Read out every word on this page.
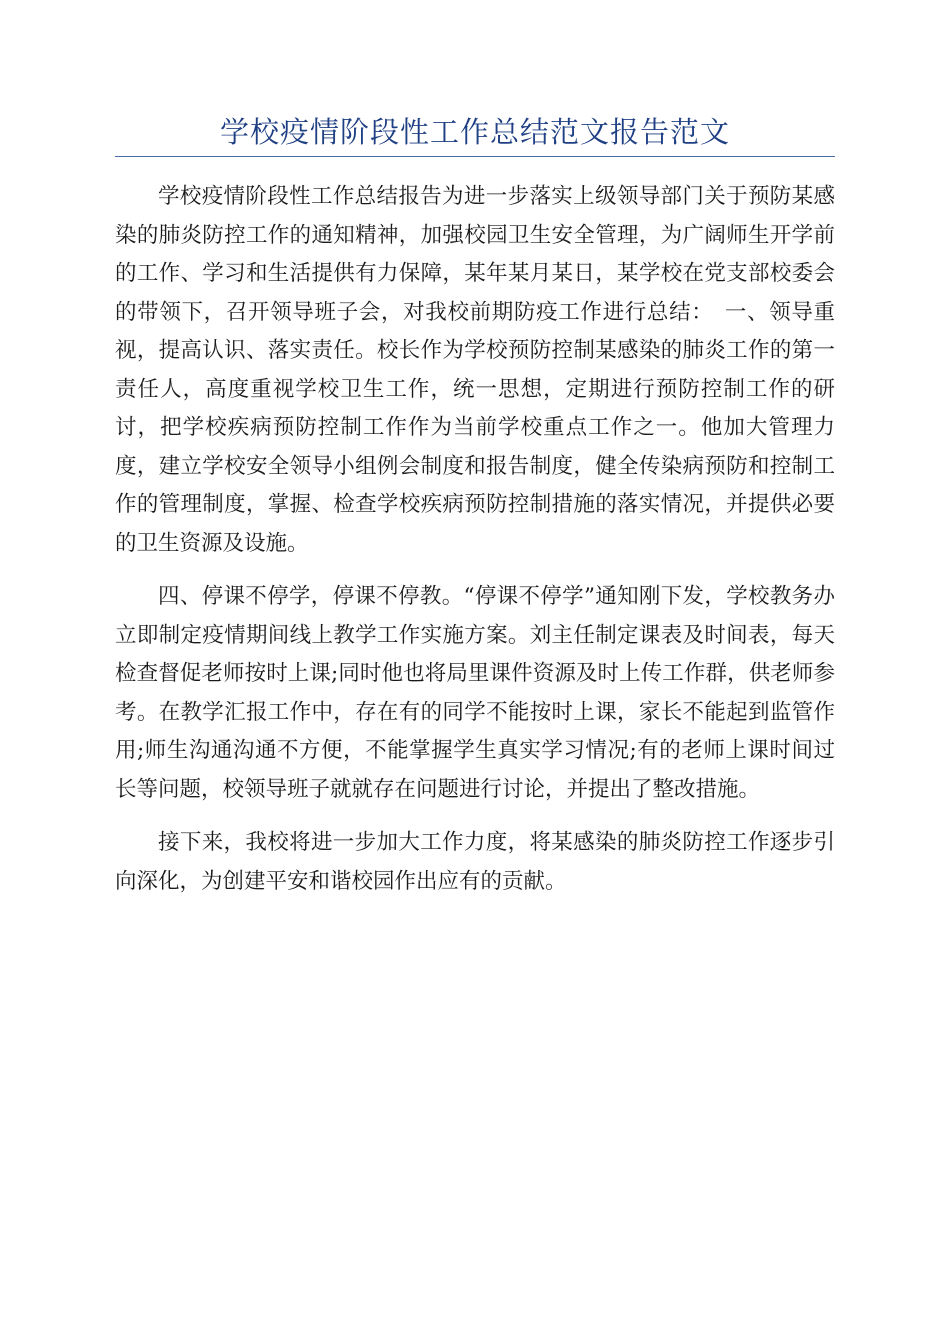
学校疫情阶段性工作总结范文报告范文

学校疫情阶段性工作总结报告为进一步落实上级领导部门关于预防某感染的肺炎防控工作的通知精神，加强校园卫生安全管理，为广阔师生开学前的工作、学习和生活提供有力保障，某年某月某日，某学校在党支部校委会的带领下，召开领导班子会，对我校前期防疫工作进行总结：　一、领导重视，提高认识、落实责任。校长作为学校预防控制某感染的肺炎工作的第一责任人，高度重视学校卫生工作，统一思想，定期进行预防控制工作的研讨，把学校疾病预防控制工作作为当前学校重点工作之一。他加大管理力度，建立学校安全领导小组例会制度和报告制度，健全传染病预防和控制工作的管理制度，掌握、检查学校疾病预防控制措施的落实情况，并提供必要的卫生资源及设施。

四、停课不停学，停课不停教。“停课不停学”通知刚下发，学校教务办立即制定疫情期间线上教学工作实施方案。刘主任制定课表及时间表，每天检查督促老师按时上课;同时他也将局里课件资源及时上传工作群，供老师参考。在教学汇报工作中，存在有的同学不能按时上课，家长不能起到监管作用;师生沟通沟通不方便，不能掌握学生真实学习情况;有的老师上课时间过长等问题，校领导班子就就存在问题进行讨论，并提出了整改措施。

接下来，我校将进一步加大工作力度，将某感染的肺炎防控工作逐步引向深化，为创建平安和谐校园作出应有的贡献。
